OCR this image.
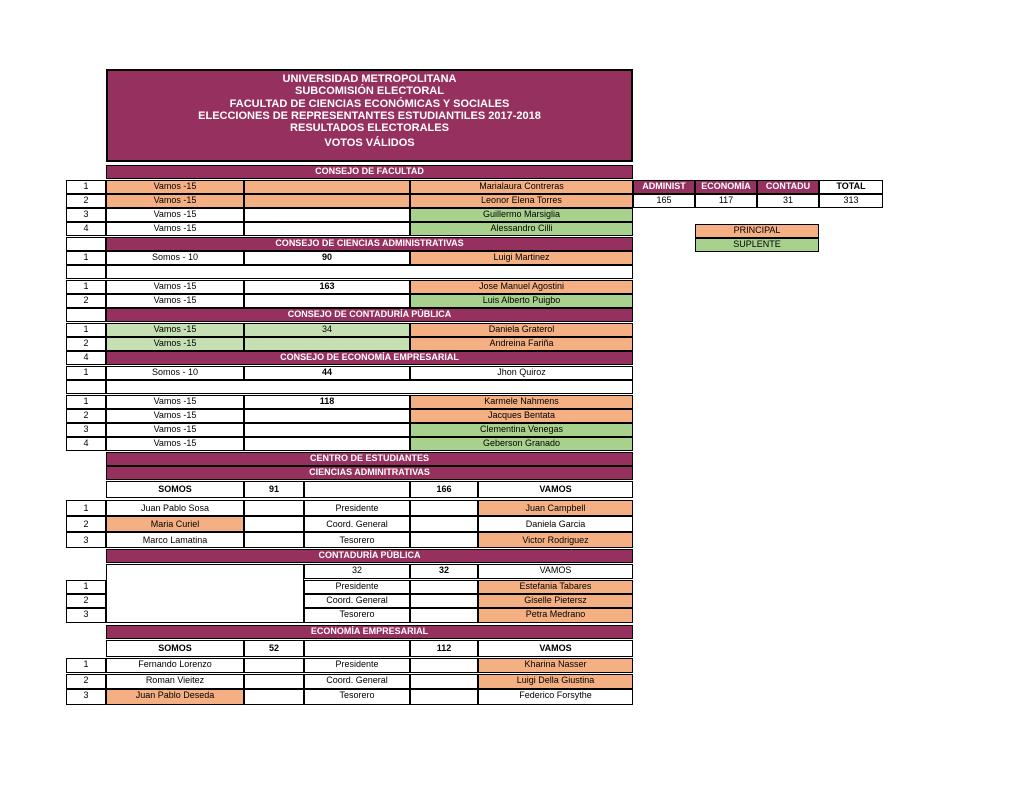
UNIVERSIDAD METROPOLITANA
SUBCOMISIÓN ELECTORAL
FACULTAD DE CIENCIAS ECONÓMICAS Y SOCIALES
ELECCIONES DE REPRESENTANTES ESTUDIANTILES 2017-2018
RESULTADOS ELECTORALES
VOTOS VÁLIDOS
CONSEJO DE FACULTAD
1	Vamos -15	Marialaura Contreras
2	Vamos -15	Leonor Elena Torres
3	Vamos -15	Guillermo Marsiglia
4	Vamos -15	Alessandro Cilli
ADMINIST	ECONOMÍA	CONTADU	TOTAL
165	117	31	313
PRINCIPAL
SUPLENTE
CONSEJO DE CIENCIAS ADMINISTRATIVAS
1	Somos - 10	90	Luigi Martinez
1	Vamos -15	163	Jose Manuel Agostini
2	Vamos -15	Luis Alberto Puigbo
CONSEJO DE CONTADURÍA PÚBLICA
1	Vamos -15	34	Daniela Graterol
2	Vamos -15	Andreina Fariña
4	CONSEJO DE ECONOMÍA EMPRESARIAL
1	Somos - 10	44	Jhon Quiroz
1	Vamos -15	118	Karmele Nahmens
2	Vamos -15	Jacques Bentata
3	Vamos -15	Clementina Venegas
4	Vamos -15	Geberson Granado
CENTRO DE ESTUDIANTES
CIENCIAS ADMINITRATIVAS
SOMOS	91	166	VAMOS
1	Juan Pablo Sosa	Presidente	Juan Campbell
2	Maria Curiel	Coord. General	Daniela Garcia
3	Marco Lamatina	Tesorero	Victor Rodriguez
CONTADURÍA PÚBLICA
32	32	VAMOS
1	Presidente	Estefania Tabares
2	Coord. General	Giselle Pietersz
3	Tesorero	Petra Medrano
ECONOMÍA EMPRESARIAL
SOMOS	52	112	VAMOS
1	Fernando Lorenzo	Presidente	Kharina Nasser
2	Roman Vieitez	Coord. General	Luigi Della Giustina
3	Juan Pablo Deseda	Tesorero	Federico Forsythe
